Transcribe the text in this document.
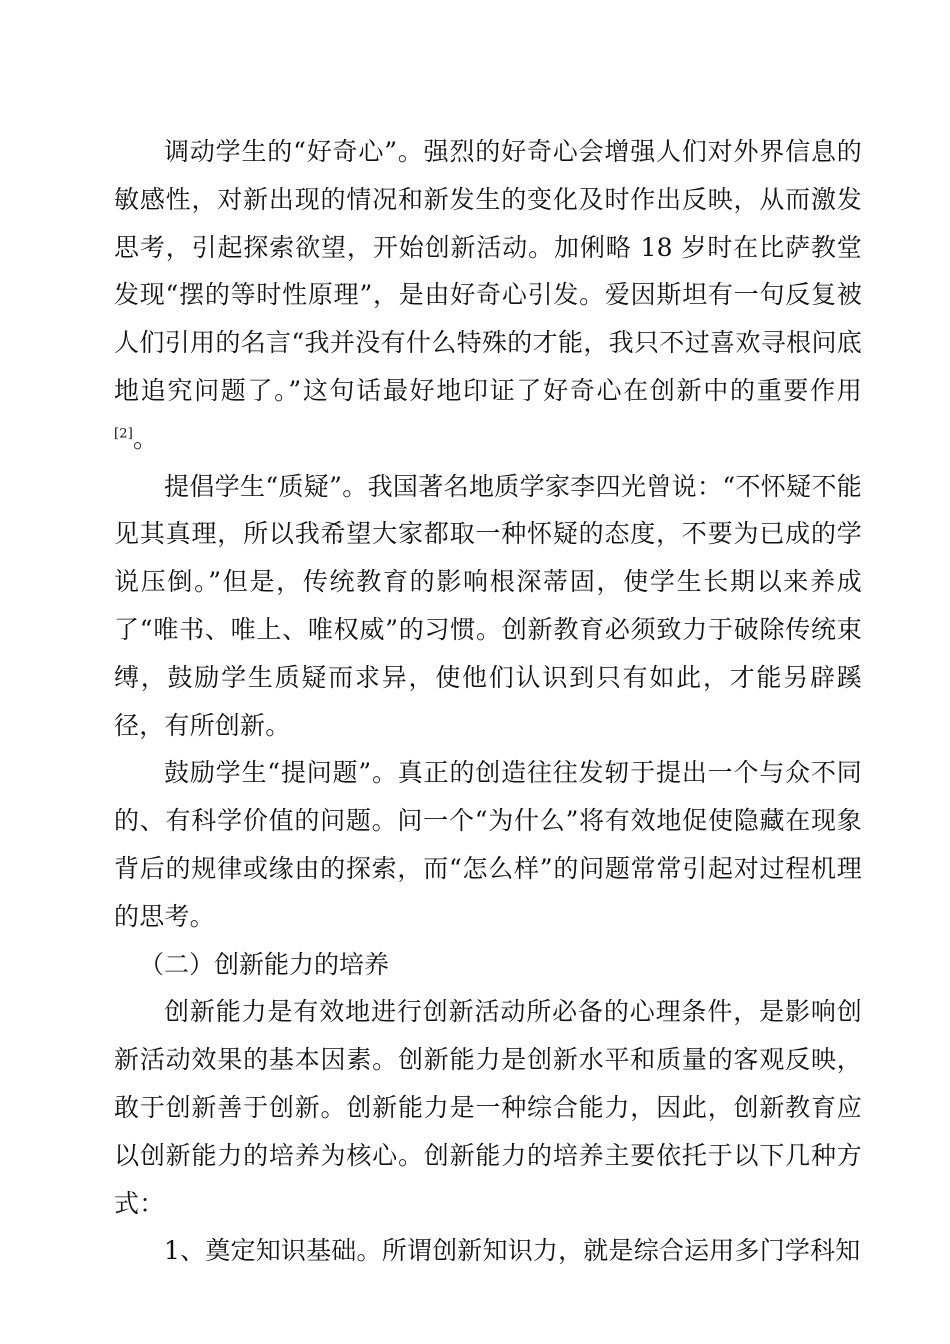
调动学生的“好奇心”。强烈的好奇心会增强人们对外界信息的敏感性，对新出现的情况和新发生的变化及时作出反映，从而激发思考，引起探索欲望，开始创新活动。加俐略 18 岁时在比萨教堂发现“摆的等时性原理”，是由好奇心引发。爱因斯坦有一句反复被人们引用的名言“我并没有什么特殊的才能，我只不过喜欢寻根问底地追究问题了。”这句话最好地印证了好奇心在创新中的重要作用[2]。

提倡学生“质疑”。我国著名地质学家李四光曾说：“不怀疑不能见其真理，所以我希望大家都取一种怀疑的态度，不要为已成的学说压倒。”但是，传统教育的影响根深蒂固，使学生长期以来养成了“唯书、唯上、唯权威”的习惯。创新教育必须致力于破除传统束缚，鼓励学生质疑而求异，使他们认识到只有如此，才能另辟蹊径，有所创新。

鼓励学生“提问题”。真正的创造往往发轫于提出一个与众不同的、有科学价值的问题。问一个“为什么”将有效地促使隐藏在现象背后的规律或缘由的探索，而“怎么样”的问题常常引起对过程机理的思考。

（二）创新能力的培养

创新能力是有效地进行创新活动所必备的心理条件，是影响创新活动效果的基本因素。创新能力是创新水平和质量的客观反映，敢于创新善于创新。创新能力是一种综合能力，因此，创新教育应以创新能力的培养为核心。创新能力的培养主要依托于以下几种方式：

1、奠定知识基础。所谓创新知识力，就是综合运用多门学科知
